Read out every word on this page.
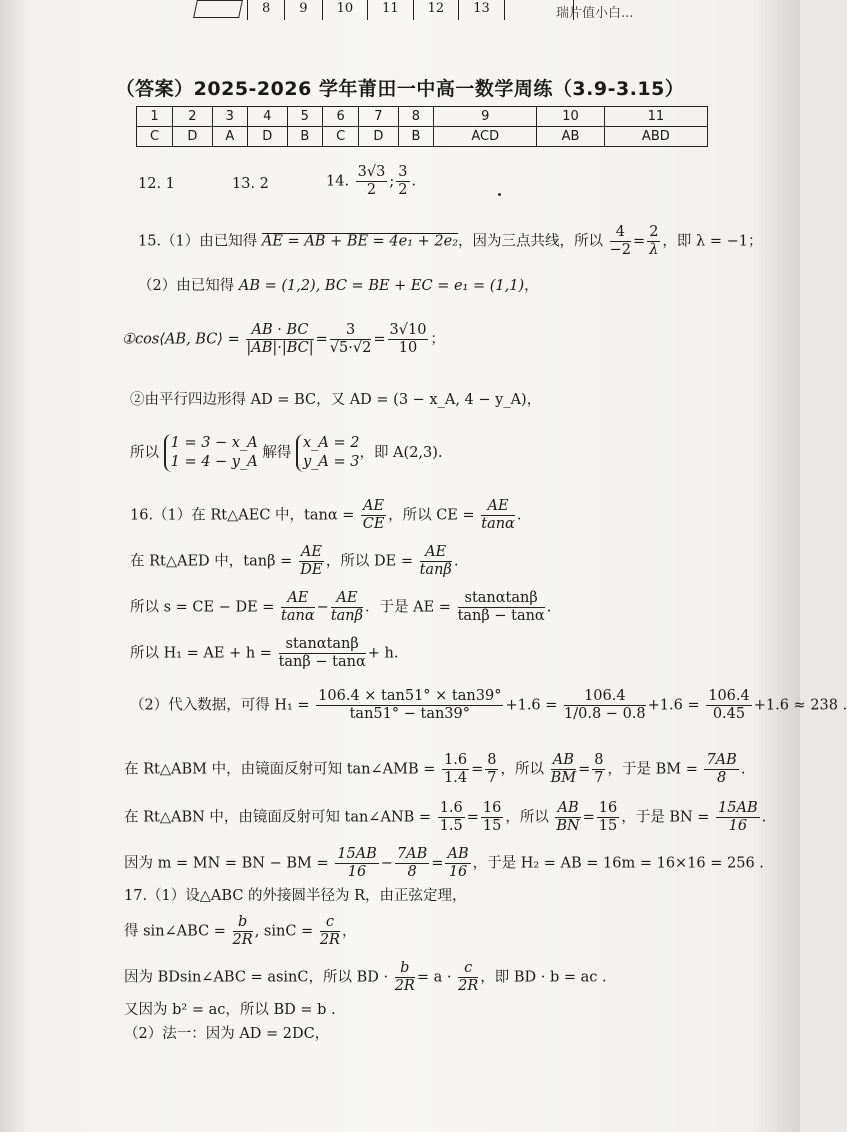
8	9	10	11	12	13	瑞片值小白...
（答案）2025-2026 学年莆田一中高一数学周练（3.9-3.15）
1	2	3	4	5	6	7	8	9	10	11
C	D	A	D	B	C	D	B	ACD	AB	ABD
12. 1	13. 2	14. $\frac{3√3}{2}$ ; $\frac{3}{2}$ .
15.（1）由已知得 AE = AB + BE = 4e₁ + 2e₂，因为三点共线，所以 $\frac{4}{-2} = \frac{2}{\lambda}$ ，即 λ = −1；
（2）由已知得 AB = (1,2), BC = BE + EC = e₁ = (1,1)，
①cos⟨AB, BC⟩ = $\frac{AB \cdot BC}{|AB|\cdot|BC|} = \frac{3}{√5\cdot√2} = \frac{3√10}{10}$ ；
②由平行四边形得 AD = BC，又 AD = (3 − x_A, 4 − y_A)，
所以
1 = 3 − x_A
1 = 4 − y_A
解得
x_A = 2
y_A = 3
，即 A(2,3).
16.（1）在 Rt△AEC 中，$\tan\alpha = \frac{AE}{CE}$ ，所以 CE = $\frac{AE}{\tan\alpha}$ .
在 Rt△AED 中，$\tan\beta = \frac{AE}{DE}$ ，所以 DE = $\frac{AE}{\tan\beta}$ .
所以 s = CE − DE = $\frac{AE}{\tan\alpha} - \frac{AE}{\tan\beta}$ ．于是 AE = $\frac{stan\alpha\tan\beta}{\tan\beta - \tan\alpha}$ .
所以 H₁ = AE + $h = \frac{stan\alpha\tan\beta}{\tan\beta - \tan\alpha} + h$.
（2）代入数据，可得 $H_1 = \frac{106.4 \times \tan 51^\circ \times \tan 39^\circ}{\tan 51^\circ - \tan 39^\circ} +1.6 = \frac{106.4}{1/0.8 - 0.8} +1.6 = \frac{106.4}{0.45} +1.6 \approx 238$ .
在 Rt△ABM 中，由镜面反射可知 tan∠AMB = $\frac{1.6}{1.4} = \frac{8}{7}$ ，所以 $\frac{AB}{BM} = \frac{8}{7}$ ，于是 BM = $\frac{7AB}{8}$ .
在 Rt△ABN 中，由镜面反射可知 tan∠ANB = $\frac{1.6}{1.5} = \frac{16}{15}$ ，所以 $\frac{AB}{BN} = \frac{16}{15}$ ，于是 BN = $\frac{15AB}{16}$ .
因为 m = MN = BN − BM = $\frac{15AB}{16} - \frac{7AB}{8} = \frac{AB}{16}$ ，于是 H₂ = AB = 16m = 16×16 = 256 .
17.（1）设△ABC 的外接圆半径为 R，由正弦定理，
得 sin∠ABC = $\frac{b}{2R}$ , $\sin C = \frac{c}{2R}$ ，
因为 BDsin∠ABC = asinC，所以 BD · $\frac{b}{2R} = a \cdot \frac{c}{2R}$ ，即 BD · b = ac .
又因为 b² = ac，所以 BD = b .
（2）法一：因为 AD = 2DC，
